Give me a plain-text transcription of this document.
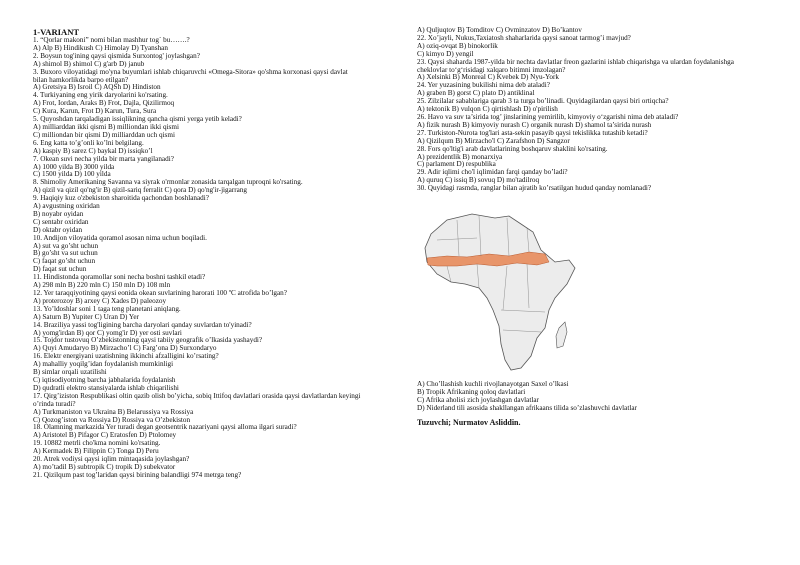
1-VARIANT
1. “Qorlar makoni” nomi bilan mashhur tog` bu…….?
A) Alp B) Hindikush C) Himolay D) Tyanshan
2. Boysun tog'ining qaysi qismida Surxontog' joylashgan?
A) shimol B) shimol C) g'arb D) janub
3. Buxoro viloyatidagi mo'yna buyumlari ishlab chiqaruvchi «Omega-Sitora» qo'shma korxonasi qaysi davlat
bilan hamkorlikda barpo etilgan?
A) Gretsiya B) Isroil C) AQSh D) Hindiston
4. Turkiyaning eng yirik daryolarini ko'rsating.
A) Frot, Iordan, Araks B) Frot, Dajla, Qizilirmoq
C) Kura, Karun, Frot D) Karun, Tura, Sura
5. Quyoshdan tarqaladigan issiqlikning qancha qismi yerga yetib keladi?
A) milliarddan ikki qismi B) milliondan ikki qismi
C) milliondan bir qismi D) milliarddan uch qismi
6. Eng katta to’g’onli ko’lni belgilang.
A) kaspiy B) sarez C) baykal D) issiqko’l
7. Okean suvi necha yilda bir marta yangilanadi?
A) 1000 yilda B) 3000 yilda
C) 1500 yilda D) 100 yilda
8. Shimoliy Amerikaning Savanna va siyrak o'rmonlar zonasida tarqalgan tuproqni ko'rsating.
A) qizil va qizil qo'ng'ir B) qizil-sariq ferralit C) qora D) qo'ng'ir-jigarrang
9. Haqiqiy kuz o'zbekiston sharoitida qachondan boshlanadi?
A) avgustning oxiridan
B) noyabr oyidan
C) sentabr oxiridan
D) oktabr oyidan
10. Andijon viloyatida qoramol asosan nima uchun boqiladi.
A) sut va go’sht uchun
B) go’sht va sut uchun
C) faqat go’sht uchun
D) faqat sut uchun
11. Hindistonda qoramollar soni necha boshni tashkil etadi?
A) 298 mln B) 220 mln C) 150 mln D) 108 mln
12. Yer taraqqiyotining qaysi eonida okean suvlarining harorati 100 ºC atrofida bo’lgan?
A) proterozoy B) arxey C) Xades D) paleozoy
13. Yo’ldoshlar soni 1 taga teng planetani aniqlang.
A) Saturn B) Yupiter C) Uran D) Yer
14. Braziliya yassi tog'ligining barcha daryolari qanday suvlardan to'yinadi?
A) yomg'irdan B) qor C) yomg'ir D) yer osti suvlari
15. Tojdor tustovuq O’zbekistonning qaysi tabiiy geografik o’lkasida yashaydi?
A) Quyi Amudaryo B) Mirzacho’l C) Farg’ona D) Surxondaryo
16. Elektr energiyani uzatishning ikkinchi afzalligini ko’rsating?
A) mahalliy yoqilg’idan foydalanish mumkinligi
B) simlar orqali uzatilishi
C) iqtisodiyotning barcha jabhalarida foydalanish
D) qudratli elektro stansiyalarda ishlab chiqarilishi
17. Qirg’iziston Respublikasi oltin qazib olish bo’yicha, sobiq Ittifoq davlatlari orasida qaysi davlatlardan keyingi
o’rinda turadi?
A) Turkmaniston va Ukraina B) Belarussiya va Rossiya
C) Qozog’iston va Rossiya D) Rossiya va O’zbekiston
18. Olamning markazida Yer turadi degan geotsentrik nazariyani qaysi alloma ilgari suradi?
A) Aristotel B) Pifagor C) Eratosfen D) Ptolomey
19. 10882 metrli cho'kma nomini ko'rsating.
A) Kermadek B) Filippin C) Tonga D) Peru
20. Atrek vodiysi qaysi iqlim mintaqasida joylashgan?
A) mo’tadil B) subtropik C) tropik D) subekvator
21. Qizilqum past tog’laridan qaysi birining balandligi 974 metrga teng?
A) Quljuqtov B) Tomditov C) Ovminzatov D) Bo’kantov
22. Xo’jayli, Nukus,Taxiatosh shaharlarida qaysi sanoat tarmog’i mavjud?
A) oziq-ovqat B) binokorlik
C) kimyo D) yengil
23. Qaysi shaharda 1987-yilda bir nechta davlatlar freon gazlarini ishlab chiqarishga va ulardan foydalanishga
cheklovlar to‘g‘risidagi xalqaro bitimni imzolagan?
A) Xelsinki B) Monreal C) Kvebek D) Nyu-York
24. Yer yuzasining bukilishi nima deb ataladi?
A) graben B) gorst C) plato D) antiklinal
25. Zilzilalar sabablariga qarab 3 ta turga bo’linadi. Quyidagilardan qaysi biri ortiqcha?
A) tektonik B) vulqon C) qirtishlash D) o'pirilish
26. Havo va suv ta’sirida tog’ jinslarining yemirilib, kimyoviy o‘zgarishi nima deb ataladi?
A) fizik nurash B) kimyoviy nurash C) organik nurash D) shamol ta’sirida nurash
27. Turkiston-Nurota tog'lari asta-sekin pasayib qaysi tekislikka tutashib ketadi?
A) Qizilqum B) Mirzacho'l C) Zarafshon D) Sangzor
28. Fors qo'ltig'i arab davlatlarining boshqaruv shaklini ko'rsating.
A) prezidentlik B) monarxiya
C) parlament D) respublika
29. Adir iqlimi cho'l iqlimidan farqi qanday bo’ladi?
A) quruq C) issiq B) sovuq D) mo'tadilroq
30. Quyidagi rasmda, ranglar bilan ajratib ko’rsatilgan hudud qanday nomlanadi?
A) Cho’llashish kuchli rivojlanayotgan Saxel o’lkasi
B) Tropik Afrikaning qoloq davlatlari
C) Afrika aholisi zich joylashgan davlatlar
D) Niderland tili asosida shakllangan afrikaans tilida so’zlashuvchi davlatlar
Tuzuvchi; Nurmatov Asliddin.
